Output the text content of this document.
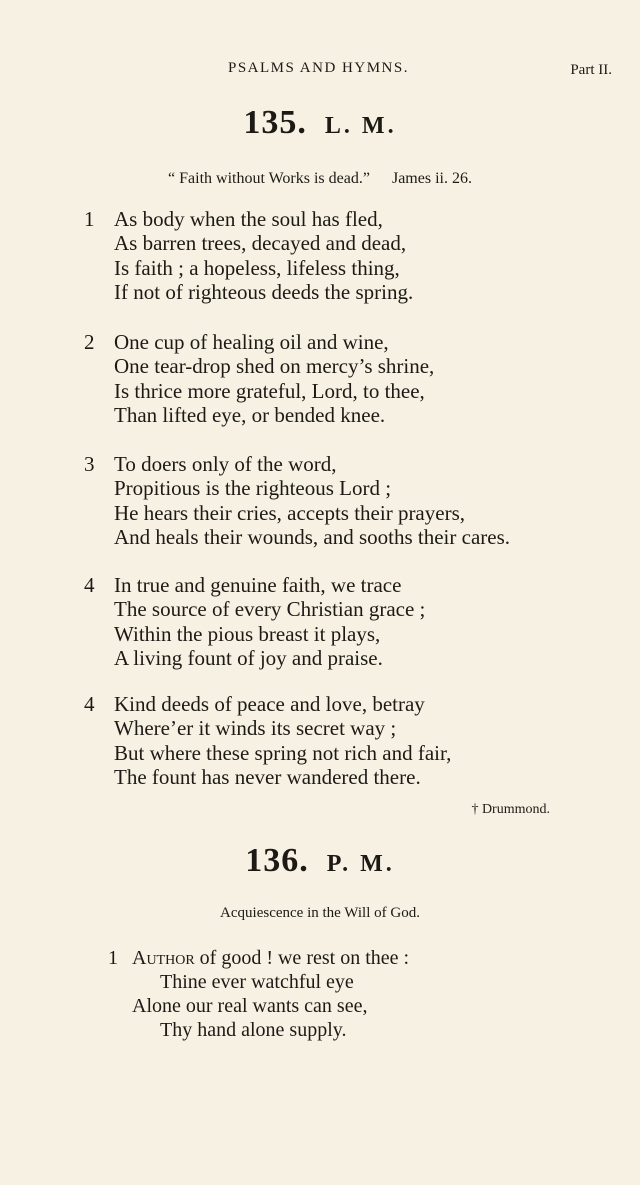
PSALMS AND HYMNS.	Part II.
135. L. M.
“ Faith without Works is dead.” James ii. 26.
1 As body when the soul has fled,
As barren trees, decayed and dead,
Is faith ; a hopeless, lifeless thing,
If not of righteous deeds the spring.
2 One cup of healing oil and wine,
One tear-drop shed on mercy’s shrine,
Is thrice more grateful, Lord, to thee,
Than lifted eye, or bended knee.
3 To doers only of the word,
Propitious is the righteous Lord ;
He hears their cries, accepts their prayers,
And heals their wounds, and sooths their cares.
4 In true and genuine faith, we trace
The source of every Christian grace ;
Within the pious breast it plays,
A living fount of joy and praise.
4 Kind deeds of peace and love, betray
Where’er it winds its secret way ;
But where these spring not rich and fair,
The fount has never wandered there.
† Drummond.
136. P. M.
Acquiescence in the Will of God.
1 Author of good ! we rest on thee :
Thine ever watchful eye
Alone our real wants can see,
Thy hand alone supply.
